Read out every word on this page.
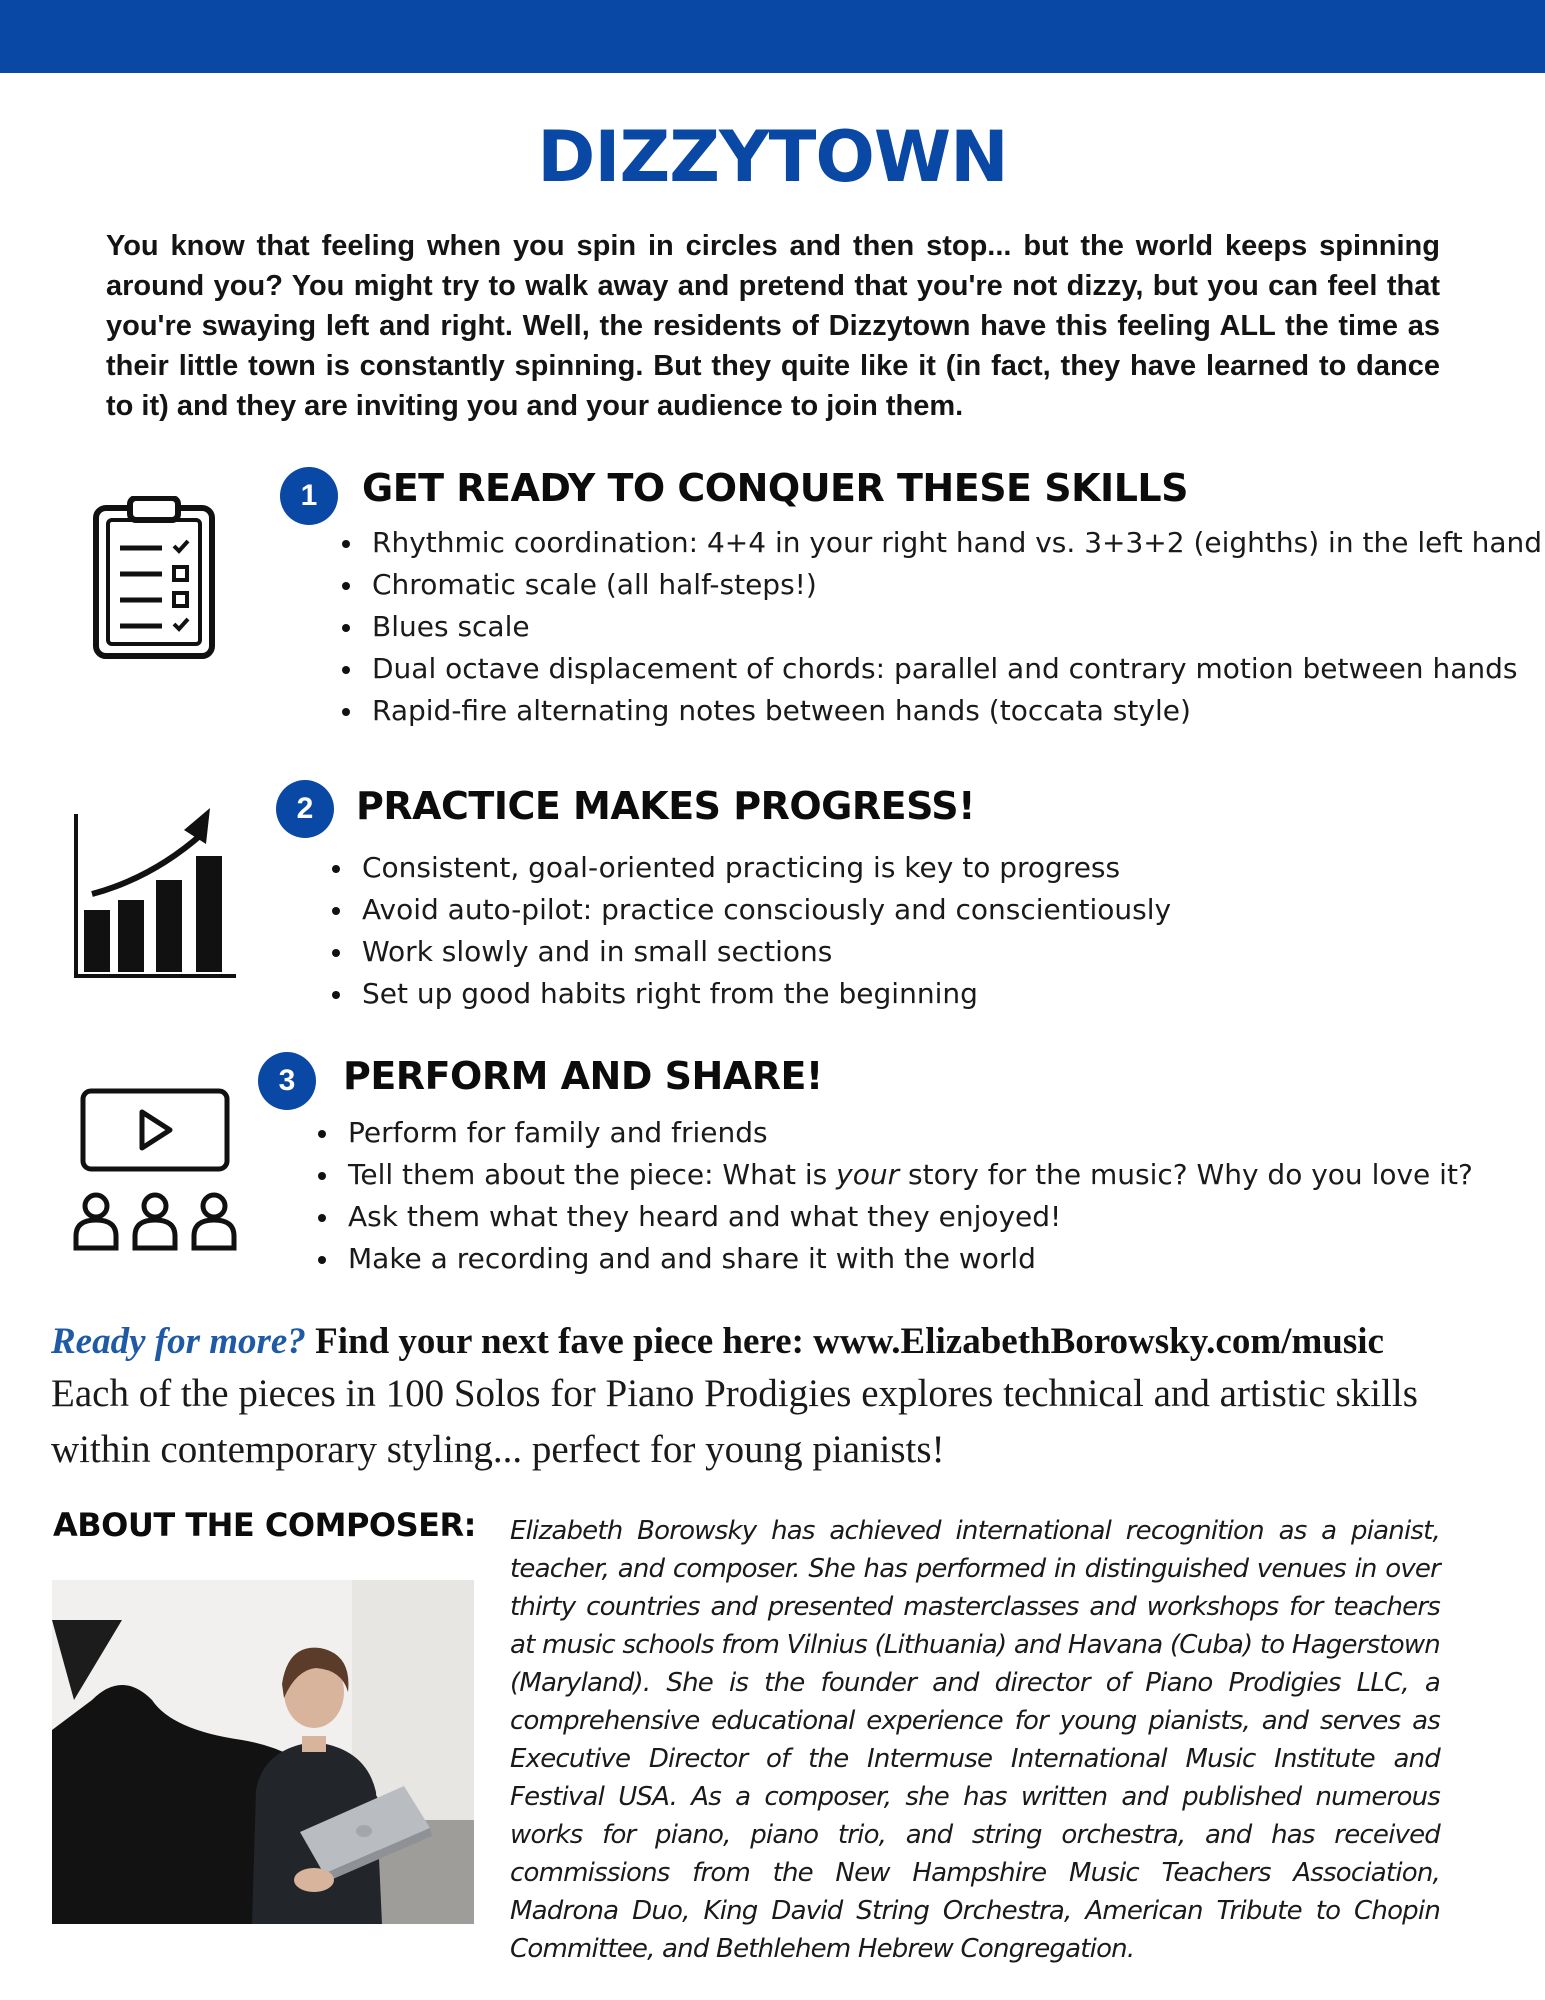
DIZZYTOWN

You know that feeling when you spin in circles and then stop... but the world keeps spinning around you? You might try to walk away and pretend that you're not dizzy, but you can feel that you're swaying left and right. Well, the residents of Dizzytown have this feeling ALL the time as their little town is constantly spinning. But they quite like it (in fact, they have learned to dance to it) and they are inviting you and your audience to join them.

1	GET READY TO CONQUER THESE SKILLS
Rhythmic coordination: 4+4 in your right hand vs. 3+3+2 (eighths) in the left hand
Chromatic scale (all half-steps!)
Blues scale
Dual octave displacement of chords: parallel and contrary motion between hands
Rapid-fire alternating notes between hands (toccata style)
2	PRACTICE MAKES PROGRESS!
Consistent, goal-oriented practicing is key to progress
Avoid auto-pilot: practice consciously and conscientiously
Work slowly and in small sections
Set up good habits right from the beginning
3	PERFORM AND SHARE!
Perform for family and friends
Tell them about the piece: What is your story for the music? Why do you love it?
Ask them what they heard and what they enjoyed!
Make a recording and and share it with the world

Ready for more? Find your next fave piece here: www.ElizabethBorowsky.com/music

Each of the pieces in 100 Solos for Piano Prodigies explores technical and artistic skills within contemporary styling... perfect for young pianists!

ABOUT THE COMPOSER: Elizabeth Borowsky has achieved international recognition as a pianist, teacher, and composer. She has performed in distinguished venues in over thirty countries and presented masterclasses and workshops for teachers at music schools from Vilnius (Lithuania) and Havana (Cuba) to Hagerstown (Maryland). She is the founder and director of Piano Prodigies LLC, a comprehensive educational experience for young pianists, and serves as Executive Director of the Intermuse International Music Institute and Festival USA. As a composer, she has written and published numerous works for piano, piano trio, and string orchestra, and has received commissions from the New Hampshire Music Teachers Association, Madrona Duo, King David String Orchestra, American Tribute to Chopin Committee, and Bethlehem Hebrew Congregation.
